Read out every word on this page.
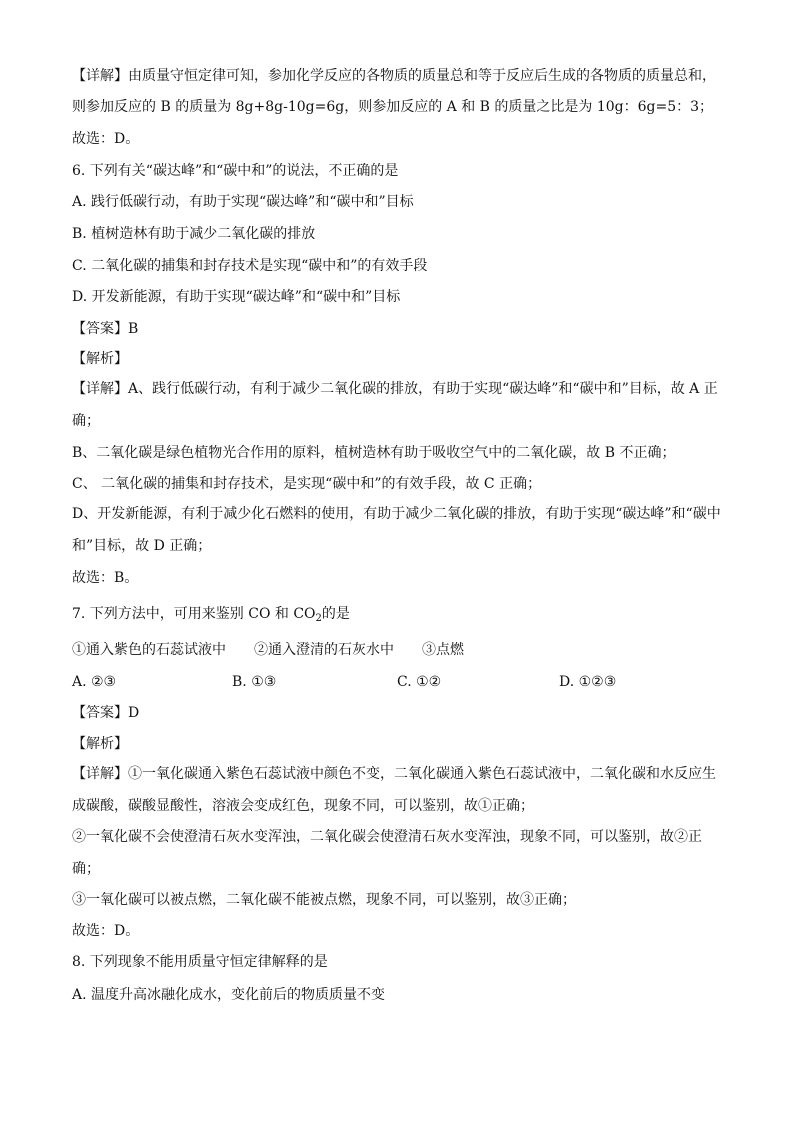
【详解】由质量守恒定律可知，参加化学反应的各物质的质量总和等于反应后生成的各物质的质量总和，
则参加反应的 B 的质量为 8g+8g-10g=6g，则参加反应的 A 和 B 的质量之比是为 10g：6g=5：3；
故选：D。
6. 下列有关“碳达峰”和“碳中和”的说法，不正确的是
A. 践行低碳行动，有助于实现“碳达峰”和“碳中和”目标
B. 植树造林有助于减少二氧化碳的排放
C. 二氧化碳的捕集和封存技术是实现“碳中和”的有效手段
D. 开发新能源，有助于实现“碳达峰”和“碳中和”目标
【答案】B
【解析】
【详解】A、践行低碳行动，有利于减少二氧化碳的排放，有助于实现“碳达峰”和“碳中和”目标，故 A 正
确；
B、二氧化碳是绿色植物光合作用的原料，植树造林有助于吸收空气中的二氧化碳，故 B 不正确；
C、 二氧化碳的捕集和封存技术，是实现“碳中和”的有效手段，故 C 正确；
D、开发新能源，有利于减少化石燃料的使用，有助于减少二氧化碳的排放，有助于实现“碳达峰”和“碳中
和”目标，故 D 正确；
故选：B。
7. 下列方法中，可用来鉴别 CO 和 $CO_2$的是
①通入紫色的石蕊试液中　　②通入澄清的石灰水中　　③点燃
A. ②③	B. ①③	C. ①②	D. ①②③
【答案】D
【解析】
【详解】①一氧化碳通入紫色石蕊试液中颜色不变，二氧化碳通入紫色石蕊试液中，二氧化碳和水反应生
成碳酸，碳酸显酸性，溶液会变成红色，现象不同，可以鉴别，故①正确；
②一氧化碳不会使澄清石灰水变浑浊，二氧化碳会使澄清石灰水变浑浊，现象不同，可以鉴别，故②正
确；
③一氧化碳可以被点燃，二氧化碳不能被点燃，现象不同，可以鉴别，故③正确；
故选：D。
8. 下列现象不能用质量守恒定律解释的是
A. 温度升高冰融化成水，变化前后的物质质量不变
